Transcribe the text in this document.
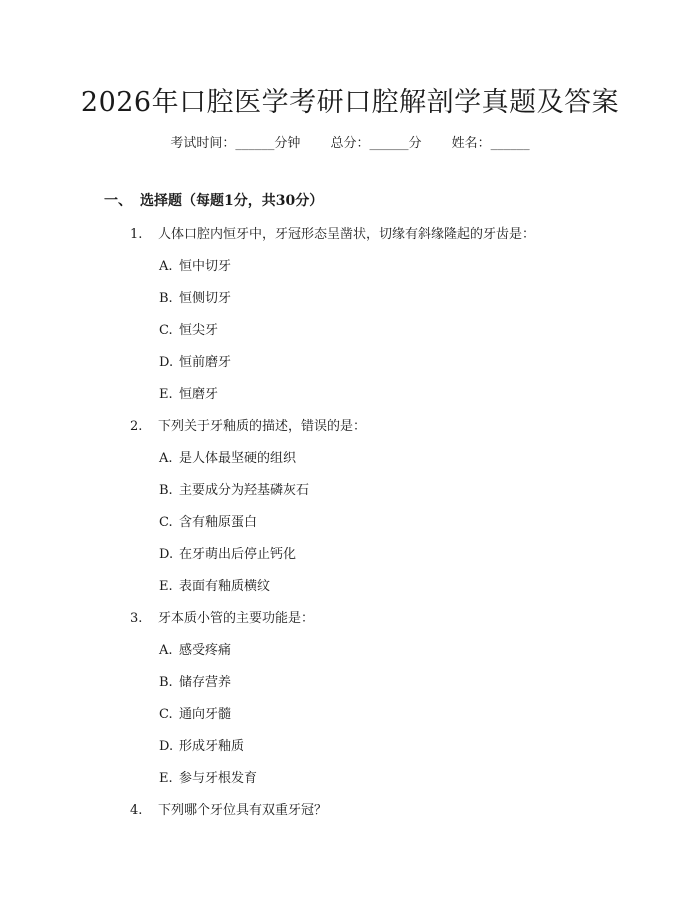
2026年口腔医学考研口腔解剖学真题及答案
考试时间：______分钟 总分：______分 姓名：______
一、 选择题（每题1分，共30分）
1. 人体口腔内恒牙中，牙冠形态呈凿状，切缘有斜缘隆起的牙齿是：
A. 恒中切牙
B. 恒侧切牙
C. 恒尖牙
D. 恒前磨牙
E. 恒磨牙
2. 下列关于牙釉质的描述，错误的是：
A. 是人体最坚硬的组织
B. 主要成分为羟基磷灰石
C. 含有釉原蛋白
D. 在牙萌出后停止钙化
E. 表面有釉质横纹
3. 牙本质小管的主要功能是：
A. 感受疼痛
B. 储存营养
C. 通向牙髓
D. 形成牙釉质
E. 参与牙根发育
4. 下列哪个牙位具有双重牙冠？
